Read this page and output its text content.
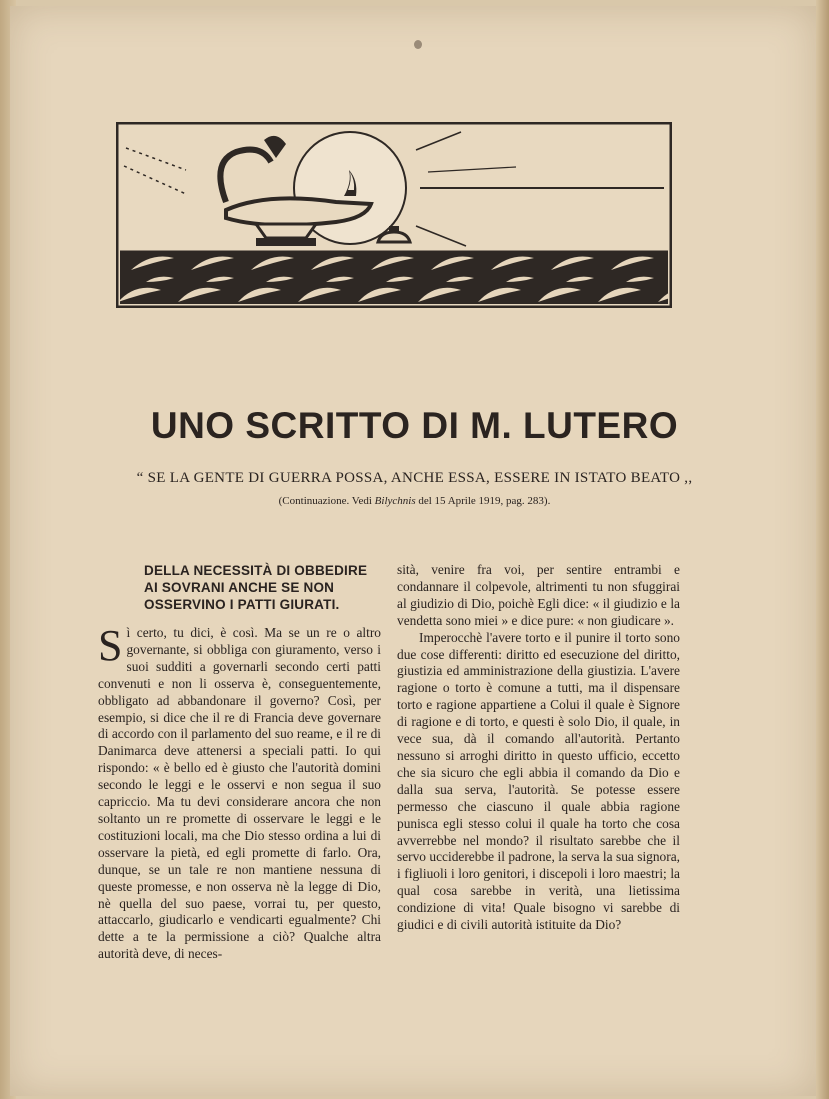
UNO SCRITTO DI M. LUTERO

“ SE LA GENTE DI GUERRA POSSA, ANCHE ESSA, ESSERE IN ISTATO BEATO ,,

(Continuazione. Vedi Bilychnis del 15 Aprile 1919, pag. 283).

DELLA NECESSITÀ DI OBBEDIRE AI SOVRANI ANCHE SE NON OSSERVINO I PATTI GIURATI.

Sì certo, tu dici, è così. Ma se un re o altro governante, si obbliga con giuramento, verso i suoi sudditi a governarli secondo certi patti convenuti e non li osserva è, conseguentemente, obbligato ad abbandonare il governo? Così, per esempio, si dice che il re di Francia deve governare di accordo con il parlamento del suo reame, e il re di Danimarca deve attenersi a speciali patti. Io qui rispondo: « è bello ed è giusto che l'autorità domini secondo le leggi e le osservi e non segua il suo capriccio. Ma tu devi considerare ancora che non soltanto un re promette di osservare le leggi e le costituzioni locali, ma che Dio stesso ordina a lui di osservare la pietà, ed egli promette di farlo. Ora, dunque, se un tale re non mantiene nessuna di queste promesse, e non osserva nè la legge di Dio, nè quella del suo paese, vorrai tu, per questo, attaccarlo, giudicarlo e vendicarti egualmente? Chi dette a te la permissione a ciò? Qualche altra autorità deve, di neces-

sità, venire fra voi, per sentire entrambi e condannare il colpevole, altrimenti tu non sfuggirai al giudizio di Dio, poichè Egli dice: « il giudizio e la vendetta sono miei » e dice pure: « non giudicare ».

Imperocchè l'avere torto e il punire il torto sono due cose differenti: diritto ed esecuzione del diritto, giustizia ed amministrazione della giustizia. L'avere ragione o torto è comune a tutti, ma il dispensare torto e ragione appartiene a Colui il quale è Signore di ragione e di torto, e questi è solo Dio, il quale, in vece sua, dà il comando all'autorità. Pertanto nessuno si arroghi diritto in questo ufficio, eccetto che sia sicuro che egli abbia il comando da Dio e dalla sua serva, l'autorità. Se potesse essere permesso che ciascuno il quale abbia ragione punisca egli stesso colui il quale ha torto che cosa avverrebbe nel mondo? il risultato sarebbe che il servo ucciderebbe il padrone, la serva la sua signora, i figliuoli i loro genitori, i discepoli i loro maestri; la qual cosa sarebbe in verità, una lietissima condizione di vita! Quale bisogno vi sarebbe di giudici e di civili autorità istituite da Dio?
